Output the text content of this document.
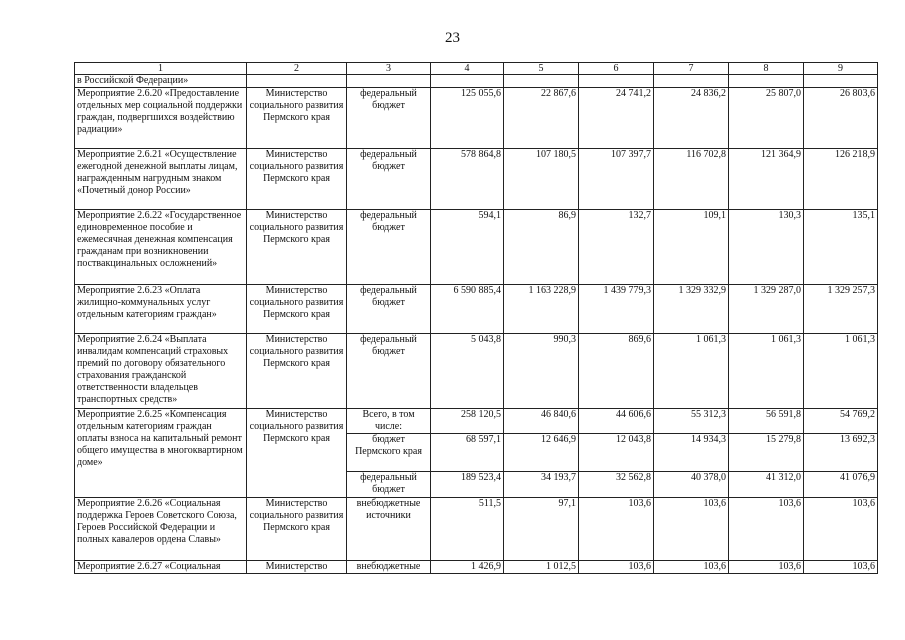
23
1	2	3	4	5	6	7	8	9
в Российской Федерации»								
Мероприятие 2.6.20 «Предоставление отдельных мер социальной поддержки граждан, подвергшихся воздействию радиации»	Министерство социального развития Пермского края	федеральный бюджет	125 055,6	22 867,6	24 741,2	24 836,2	25 807,0	26 803,6
Мероприятие 2.6.21 «Осуществление ежегодной денежной выплаты лицам, награжденным нагрудным знаком «Почетный донор России»	Министерство социального развития Пермского края	федеральный бюджет	578 864,8	107 180,5	107 397,7	116 702,8	121 364,9	126 218,9
Мероприятие 2.6.22 «Государственное единовременное пособие и ежемесячная денежная компенсация гражданам при возникновении поствакцинальных осложнений»	Министерство социального развития Пермского края	федеральный бюджет	594,1	86,9	132,7	109,1	130,3	135,1
Мероприятие 2.6.23 «Оплата жилищно-коммунальных услуг отдельным категориям граждан»	Министерство социального развития Пермского края	федеральный бюджет	6 590 885,4	1 163 228,9	1 439 779,3	1 329 332,9	1 329 287,0	1 329 257,3
Мероприятие 2.6.24 «Выплата инвалидам компенсаций страховых премий по договору обязательного страхования гражданской ответственности владельцев транспортных средств»	Министерство социального развития Пермского края	федеральный бюджет	5 043,8	990,3	869,6	1 061,3	1 061,3	1 061,3
Мероприятие 2.6.25 «Компенсация отдельным категориям граждан оплаты взноса на капитальный ремонт общего имущества в многоквартирном доме»	Министерство социального развития Пермского края	Всего, в том числе:	258 120,5	46 840,6	44 606,6	55 312,3	56 591,8	54 769,2
		бюджет Пермского края	68 597,1	12 646,9	12 043,8	14 934,3	15 279,8	13 692,3
		федеральный бюджет	189 523,4	34 193,7	32 562,8	40 378,0	41 312,0	41 076,9
Мероприятие 2.6.26 «Социальная поддержка Героев Советского Союза, Героев Российской Федерации и полных кавалеров ордена Славы»	Министерство социального развития Пермского края	внебюджетные источники	511,5	97,1	103,6	103,6	103,6	103,6
Мероприятие 2.6.27 «Социальная	Министерство	внебюджетные	1 426,9	1 012,5	103,6	103,6	103,6	103,6
